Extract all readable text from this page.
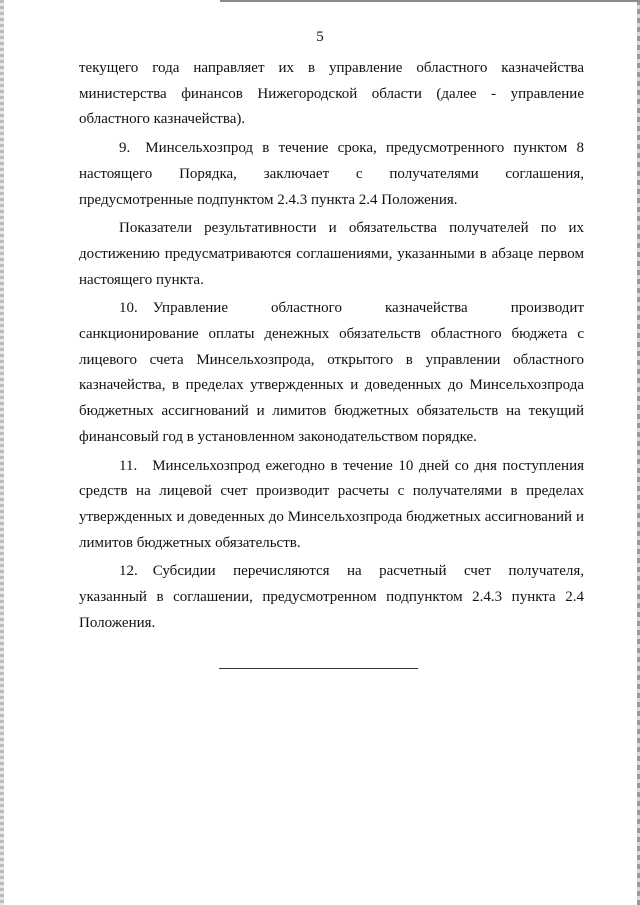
5

текущего года направляет их в управление областного казначейства министерства финансов Нижегородской области (далее - управление областного казначейства).

9. Минсельхозпрод в течение срока, предусмотренного пунктом 8 настоящего Порядка, заключает с получателями соглашения, предусмотренные подпунктом 2.4.3 пункта 2.4 Положения.

Показатели результативности и обязательства получателей по их достижению предусматриваются соглашениями, указанными в абзаце первом настоящего пункта.

10. Управление областного казначейства производит санкционирование оплаты денежных обязательств областного бюджета с лицевого счета Минсельхозпрода, открытого в управлении областного казначейства, в пределах утвержденных и доведенных до Минсельхозпрода бюджетных ассигнований и лимитов бюджетных обязательств на текущий финансовый год в установленном законодательством порядке.

11. Минсельхозпрод ежегодно в течение 10 дней со дня поступления средств на лицевой счет производит расчеты с получателями в пределах утвержденных и доведенных до Минсельхозпрода бюджетных ассигнований и лимитов бюджетных обязательств.

12. Субсидии перечисляются на расчетный счет получателя, указанный в соглашении, предусмотренном подпунктом 2.4.3 пункта 2.4 Положения.
